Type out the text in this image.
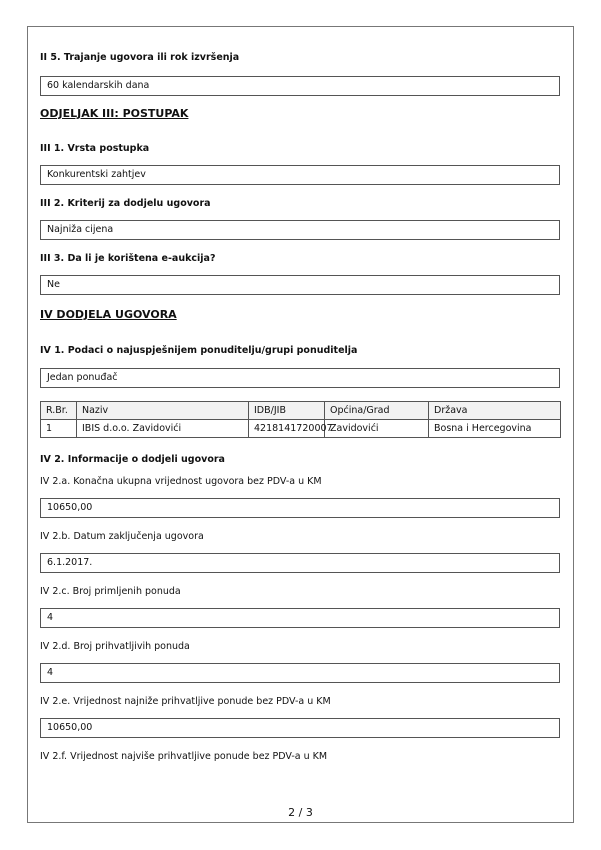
II 5. Trajanje ugovora ili rok izvršenja
60 kalendarskih dana
ODJELJAK III: POSTUPAK
III 1. Vrsta postupka
Konkurentski zahtjev
III 2. Kriterij za dodjelu ugovora
Najniža cijena
III 3. Da li je korištena e-aukcija?
Ne
IV DODJELA UGOVORA
IV 1. Podaci o najuspješnijem ponuditelju/grupi ponuditelja
Jedan ponuđač
R.Br.	Naziv	IDB/JIB	Općina/Grad	Država
1	IBIS d.o.o. Zavidovići	4218141720007	Zavidovići	Bosna i Hercegovina
IV 2. Informacije o dodjeli ugovora
IV 2.a. Konačna ukupna vrijednost ugovora bez PDV-a u KM
10650,00
IV 2.b. Datum zaključenja ugovora
6.1.2017.
IV 2.c. Broj primljenih ponuda
4
IV 2.d. Broj prihvatljivih ponuda
4
IV 2.e. Vrijednost najniže prihvatljive ponude bez PDV-a u KM
10650,00
IV 2.f. Vrijednost najviše prihvatljive ponude bez PDV-a u KM
2 / 3
